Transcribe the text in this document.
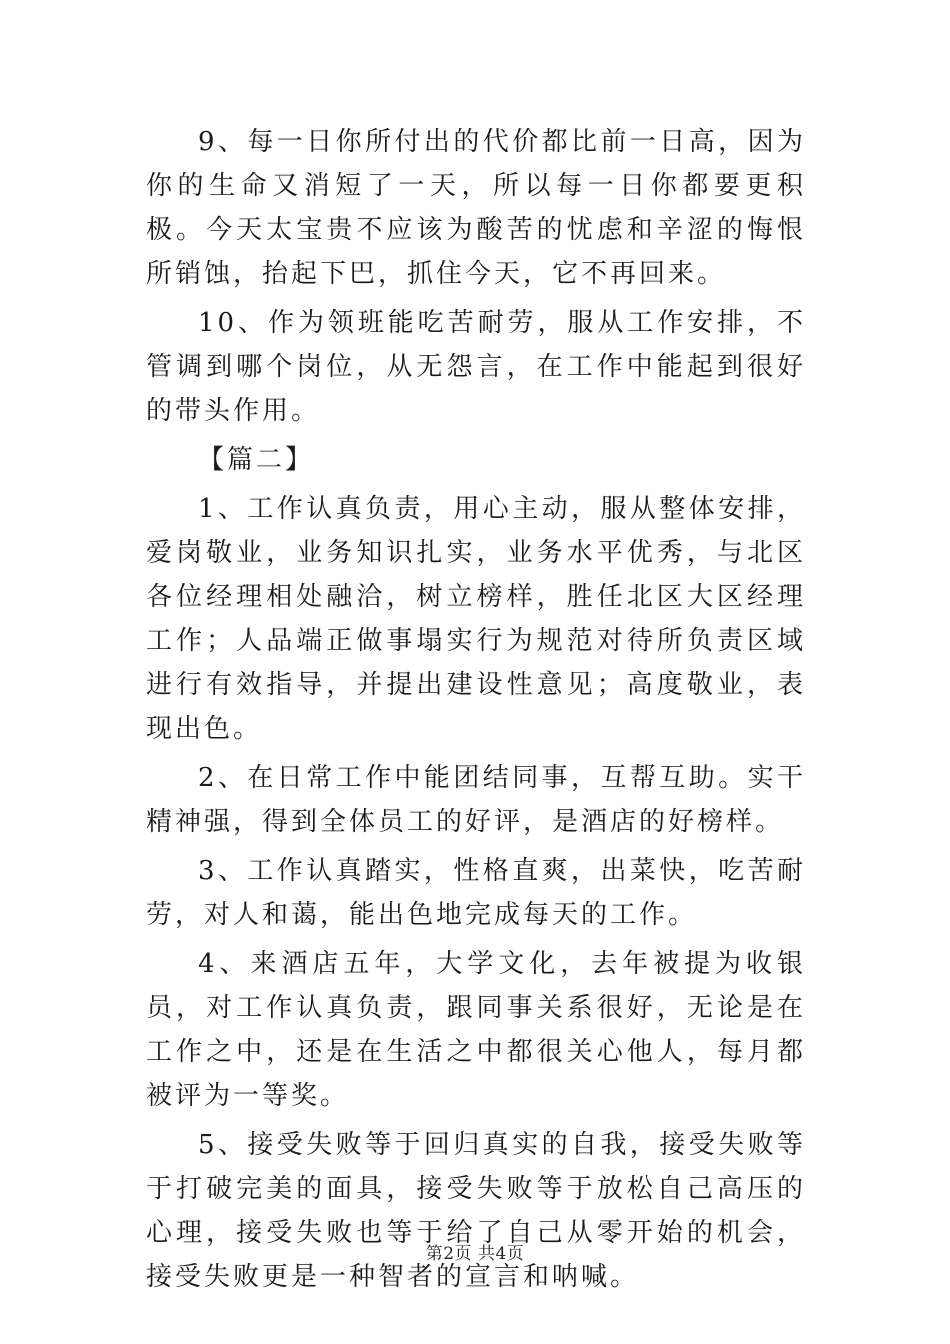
9、每一日你所付出的代价都比前一日高，因为你的生命又消短了一天，所以每一日你都要更积极。今天太宝贵不应该为酸苦的忧虑和辛涩的悔恨所销蚀，抬起下巴，抓住今天，它不再回来。

10、作为领班能吃苦耐劳，服从工作安排，不管调到哪个岗位，从无怨言，在工作中能起到很好的带头作用。

【篇二】

1、工作认真负责，用心主动，服从整体安排，爱岗敬业，业务知识扎实，业务水平优秀，与北区各位经理相处融洽，树立榜样，胜任北区大区经理工作；人品端正做事塌实行为规范对待所负责区域进行有效指导，并提出建设性意见；高度敬业，表现出色。

2、在日常工作中能团结同事，互帮互助。实干精神强，得到全体员工的好评，是酒店的好榜样。

3、工作认真踏实，性格直爽，出菜快，吃苦耐劳，对人和蔼，能出色地完成每天的工作。

4、来酒店五年，大学文化，去年被提为收银员，对工作认真负责，跟同事关系很好，无论是在工作之中，还是在生活之中都很关心他人，每月都被评为一等奖。

5、接受失败等于回归真实的自我，接受失败等于打破完美的面具，接受失败等于放松自己高压的心理，接受失败也等于给了自己从零开始的机会，接受失败更是一种智者的宣言和呐喊。

第2页 共4页
